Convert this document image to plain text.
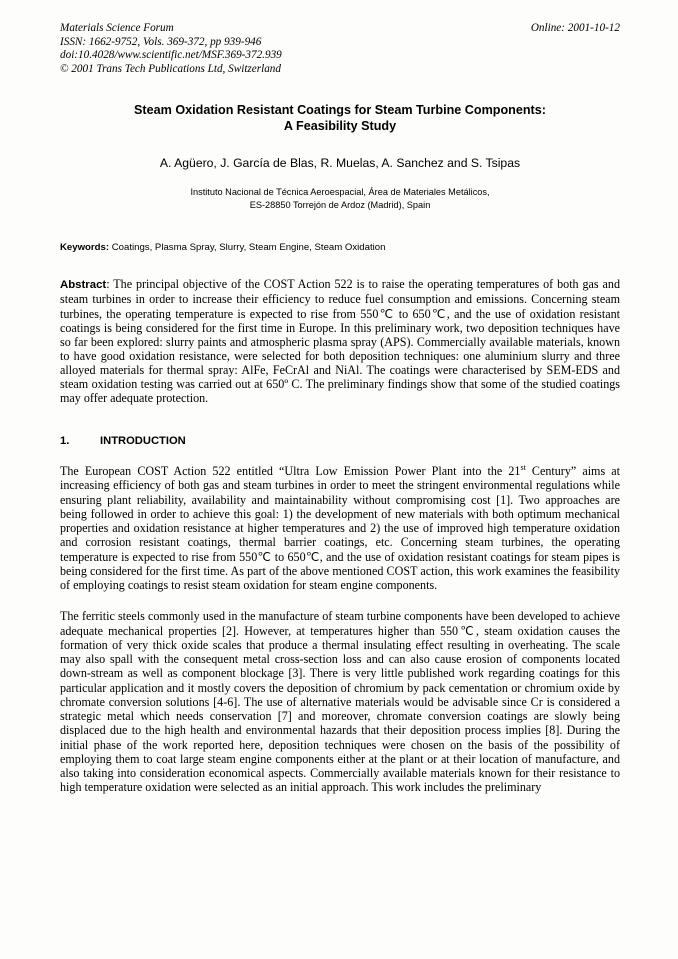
Materials Science Forum
ISSN: 1662-9752, Vols. 369-372, pp 939-946
doi:10.4028/www.scientific.net/MSF.369-372.939
© 2001 Trans Tech Publications Ltd, Switzerland
Online: 2001-10-12
Steam Oxidation Resistant Coatings for Steam Turbine Components:
A Feasibility Study
A. Agüero, J. García de Blas, R. Muelas, A. Sanchez and S. Tsipas
Instituto Nacional de Técnica Aeroespacial, Área de Materiales Metálicos,
ES-28850 Torrejón de Ardoz (Madrid), Spain
Keywords: Coatings, Plasma Spray, Slurry, Steam Engine, Steam Oxidation
Abstract: The principal objective of the COST Action 522 is to raise the operating temperatures of both gas and steam turbines in order to increase their efficiency to reduce fuel consumption and emissions. Concerning steam turbines, the operating temperature is expected to rise from 550℃ to 650℃, and the use of oxidation resistant coatings is being considered for the first time in Europe. In this preliminary work, two deposition techniques have so far been explored: slurry paints and atmospheric plasma spray (APS). Commercially available materials, known to have good oxidation resistance, were selected for both deposition techniques: one aluminium slurry and three alloyed materials for thermal spray: AlFe, FeCrAl and NiAl. The coatings were characterised by SEM-EDS and steam oxidation testing was carried out at 650º C. The preliminary findings show that some of the studied coatings may offer adequate protection.
1.	INTRODUCTION
The European COST Action 522 entitled “Ultra Low Emission Power Plant into the 21st Century” aims at increasing efficiency of both gas and steam turbines in order to meet the stringent environmental regulations while ensuring plant reliability, availability and maintainability without compromising cost [1]. Two approaches are being followed in order to achieve this goal: 1) the development of new materials with both optimum mechanical properties and oxidation resistance at higher temperatures and 2) the use of improved high temperature oxidation and corrosion resistant coatings, thermal barrier coatings, etc. Concerning steam turbines, the operating temperature is expected to rise from 550℃ to 650℃, and the use of oxidation resistant coatings for steam pipes is being considered for the first time. As part of the above mentioned COST action, this work examines the feasibility of employing coatings to resist steam oxidation for steam engine components.
The ferritic steels commonly used in the manufacture of steam turbine components have been developed to achieve adequate mechanical properties [2]. However, at temperatures higher than 550℃, steam oxidation causes the formation of very thick oxide scales that produce a thermal insulating effect resulting in overheating. The scale may also spall with the consequent metal cross-section loss and can also cause erosion of components located down-stream as well as component blockage [3]. There is very little published work regarding coatings for this particular application and it mostly covers the deposition of chromium by pack cementation or chromium oxide by chromate conversion solutions [4-6]. The use of alternative materials would be advisable since Cr is considered a strategic metal which needs conservation [7] and moreover, chromate conversion coatings are slowly being displaced due to the high health and environmental hazards that their deposition process implies [8]. During the initial phase of the work reported here, deposition techniques were chosen on the basis of the possibility of employing them to coat large steam engine components either at the plant or at their location of manufacture, and also taking into consideration economical aspects. Commercially available materials known for their resistance to high temperature oxidation were selected as an initial approach. This work includes the preliminary
